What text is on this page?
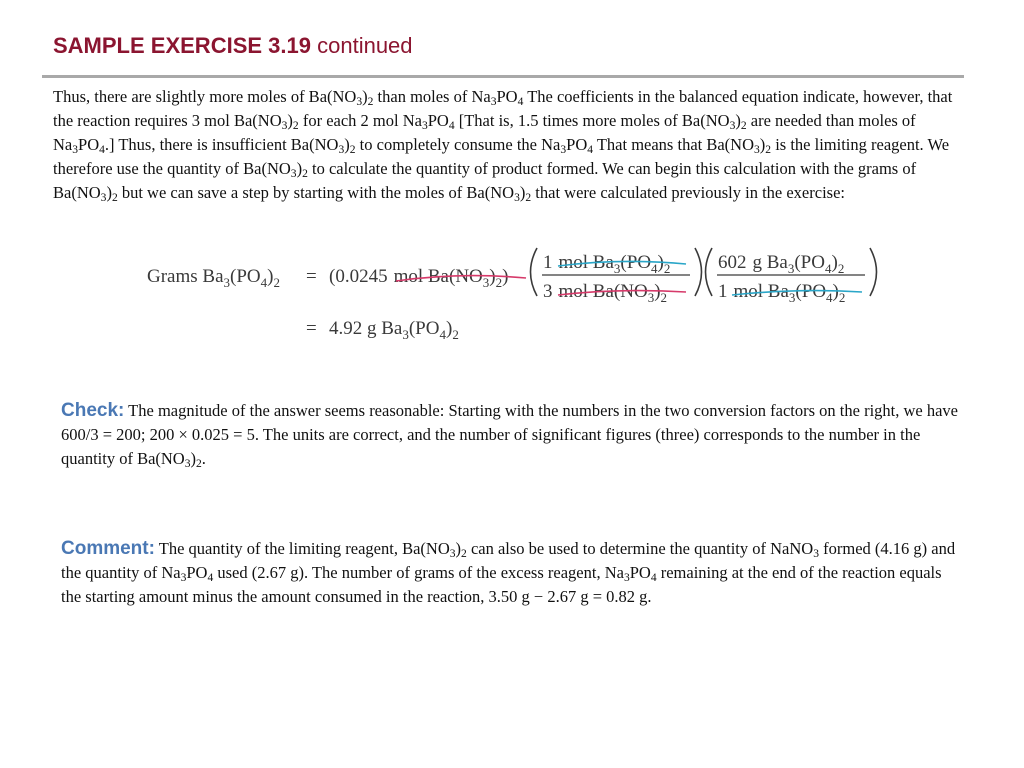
SAMPLE EXERCISE 3.19 continued
Thus, there are slightly more moles of $Ba(NO_3)_2$ than moles of $Na_3PO_4$ The coefficients in the balanced equation indicate, however, that the reaction requires 3 mol $Ba(NO_3)_2$ for each 2 mol $Na_3PO_4$ [That is, 1.5 times more moles of $Ba(NO_3)_2$ are needed than moles of $Na_3PO_4$.] Thus, there is insufficient $Ba(NO_3)_2$ to completely consume the $Na_3PO_4$ That means that $Ba(NO_3)_2$ is the limiting reagent. We therefore use the quantity of $Ba(NO_3)_2$ to calculate the quantity of product formed. We can begin this calculation with the grams of $Ba(NO_3)_2$ but we can save a step by starting with the moles of $Ba(NO_3)_2$ that were calculated previously in the exercise:
Grams $Ba_3(PO_4)_2 = (0.0245$ mol $Ba(NO_3)_2$)
1 mol $Ba_3(PO_4)_2$
3 mol $Ba(NO_3)_2$
602 g $Ba_3(PO_4)_2$
1 mol $Ba_3(PO_4)_2$
= 4.92 g $Ba_3(PO_4)_2$
Check: The magnitude of the answer seems reasonable: Starting with the numbers in the two conversion factors on the right, we have 600/3 = 200; 200 × 0.025 = 5. The units are correct, and the number of significant figures (three) corresponds to the number in the quantity of $Ba(NO_3)_2$.
Comment: The quantity of the limiting reagent, $Ba(NO_3)_2$ can also be used to determine the quantity of NaNO$_3$ formed (4.16 g) and the quantity of $Na_3PO_4$ used (2.67 g). The number of grams of the excess reagent, $Na_3PO_4$ remaining at the end of the reaction equals the starting amount minus the amount consumed in the reaction, 3.50 g − 2.67 g = 0.82 g.
